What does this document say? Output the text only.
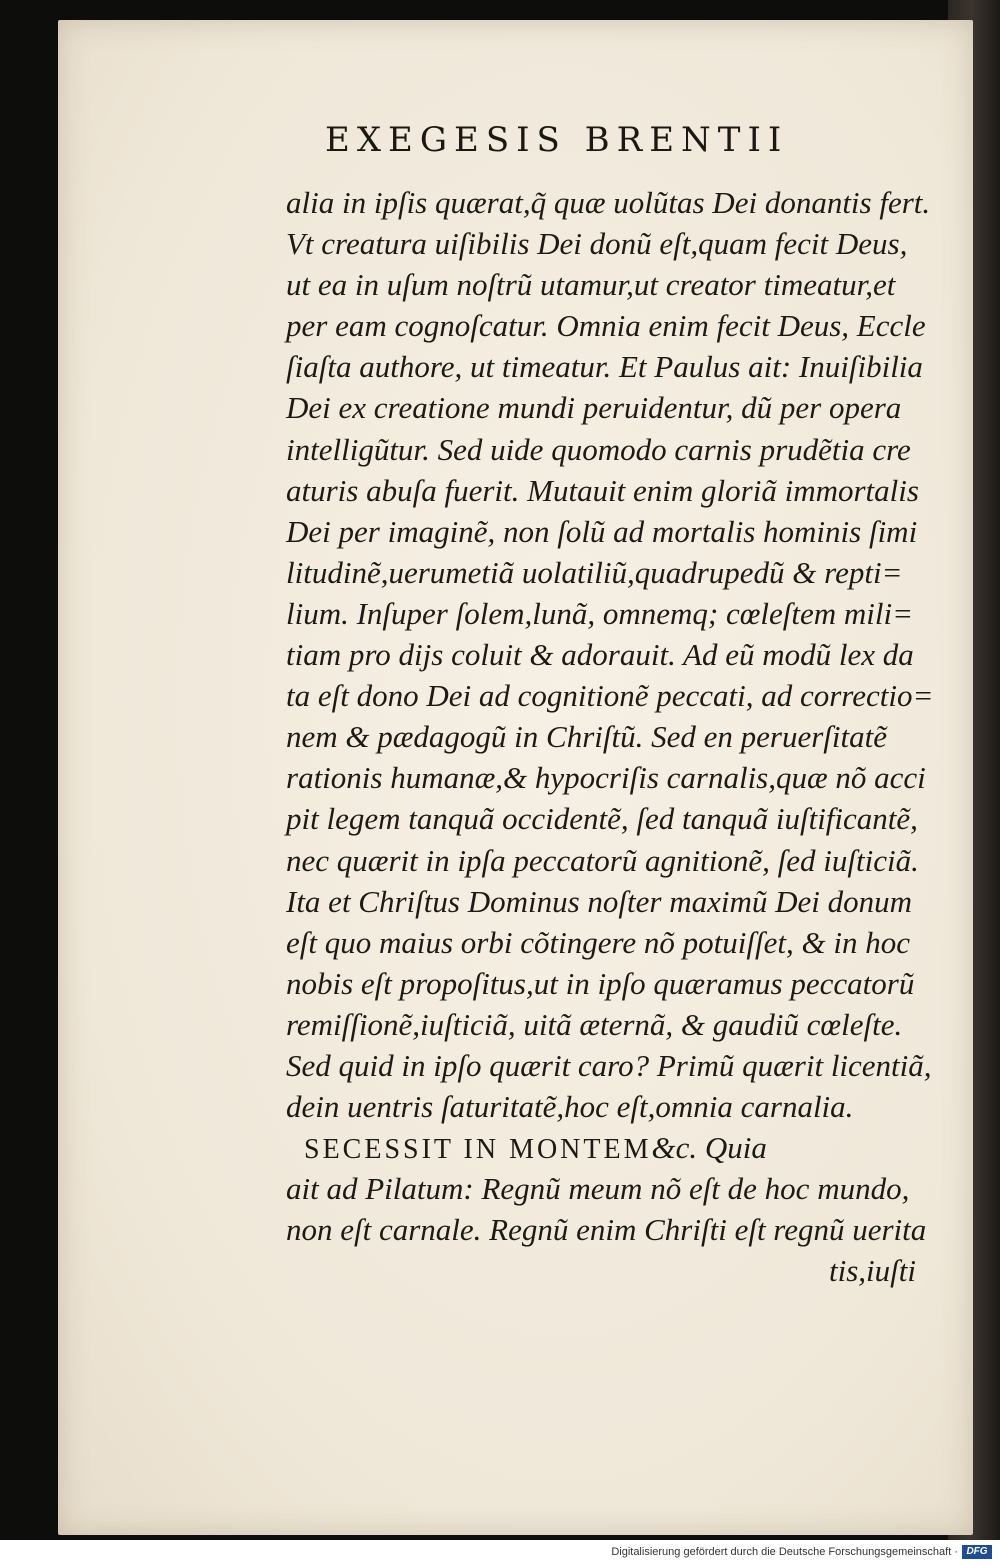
EXEGESIS BRENTII
alia in ipſis quærat,q̃ quæ uolũtas Dei donantis fert.
Vt creatura uiſibilis Dei donũ eſt,quam fecit Deus,
ut ea in uſum noſtrũ utamur,ut creator timeatur,et
per eam cognoſcatur. Omnia enim fecit Deus, Eccle
ſiaſta authore, ut timeatur. Et Paulus ait: Inuiſibilia
Dei ex creatione mundi peruidentur, dũ per opera
intelligũtur. Sed uide quomodo carnis prudẽtia cre
aturis abuſa fuerit. Mutauit enim gloriã immortalis
Dei per imaginẽ, non ſolũ ad mortalis hominis ſimi
litudinẽ,uerumetiã uolatiliũ,quadrupedũ & repti=
lium. Inſuper ſolem,lunã, omnemq; cœleſtem mili=
tiam pro dijs coluit & adorauit. Ad eũ modũ lex da
ta eſt dono Dei ad cognitionẽ peccati, ad correctio=
nem & pædagogũ in Chriſtũ. Sed en peruerſitatẽ
rationis humanæ,& hypocriſis carnalis,quæ nõ acci
pit legem tanquã occidentẽ, ſed tanquã iuſtificantẽ,
nec quærit in ipſa peccatorũ agnitionẽ, ſed iuſticiã.
Ita et Chriſtus Dominus noſter maximũ Dei donum
eſt quo maius orbi cõtingere nõ potuiſſet, & in hoc
nobis eſt propoſitus,ut in ipſo quæramus peccatorũ
remiſſionẽ,iuſticiã, uitã æternã, & gaudiũ cœleſte.
Sed quid in ipſo quærit caro? Primũ quærit licentiã,
dein uentris ſaturitatẽ,hoc eſt,omnia carnalia.
SECESSIT IN MONTEM&c. Quia
ait ad Pilatum: Regnũ meum nõ eſt de hoc mundo,
non eſt carnale. Regnũ enim Chriſti eſt regnũ uerita
tis,iuſti
Digitalisierung gefördert durch die Deutsche Forschungsgemeinschaft · DFG
